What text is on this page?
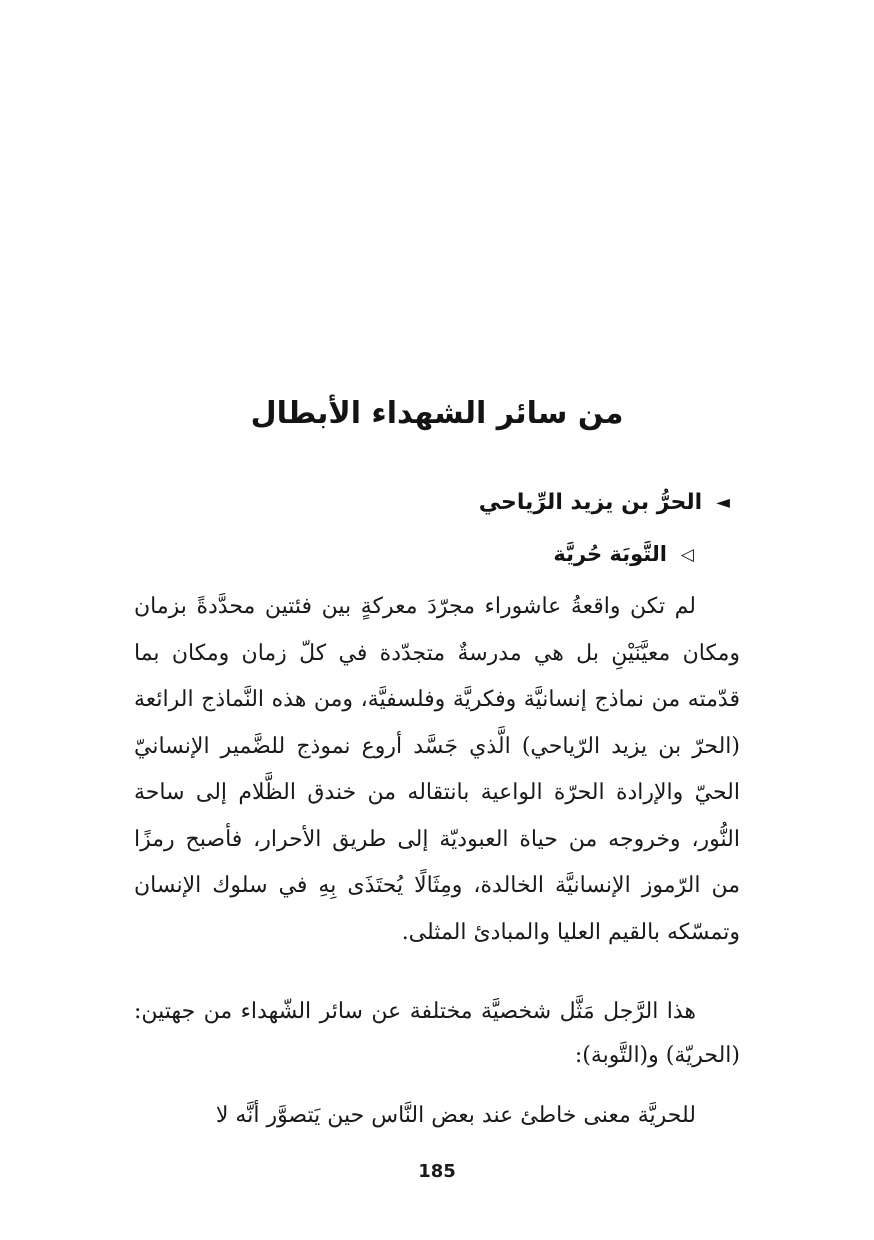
من سائر الشهداء الأبطال
◄الحرُّ بن يزيد الرِّياحي
◁التَّوبَة حُريَّة

لم تكن واقعةُ عاشوراء مجرّدَ معركةٍ بين فئتين محدَّدةً بزمان ومكان معيَّنَيْنِ بل هي مدرسةٌ متجدّدة في كلّ زمان ومكان بما قدّمته من نماذج إنسانيَّة وفكريَّة وفلسفيَّة، ومن هذه النَّماذج الرائعة (الحرّ بن يزيد الرّياحي) الَّذي جَسَّد أروع نموذج للضَّمير الإنسانيّ الحيّ والإرادة الحرّة الواعية بانتقاله من خندق الظَّلام إلى ساحة النُّور، وخروجه من حياة العبوديّة إلى طريق الأحرار، فأصبح رمزًا من الرّموز الإنسانيَّة الخالدة، ومِثَالًا يُحتَذَى بِهِ في سلوك الإنسان وتمسّكه بالقيم العليا والمبادئ المثلى.

هذا الرَّجل مَثَّل شخصيَّة مختلفة عن سائر الشّهداء من جهتين: (الحريّة) و(التَّوبة):

للحريَّة معنى خاطئ عند بعض النَّاس حين يَتصوَّر أنَّه لا

185
